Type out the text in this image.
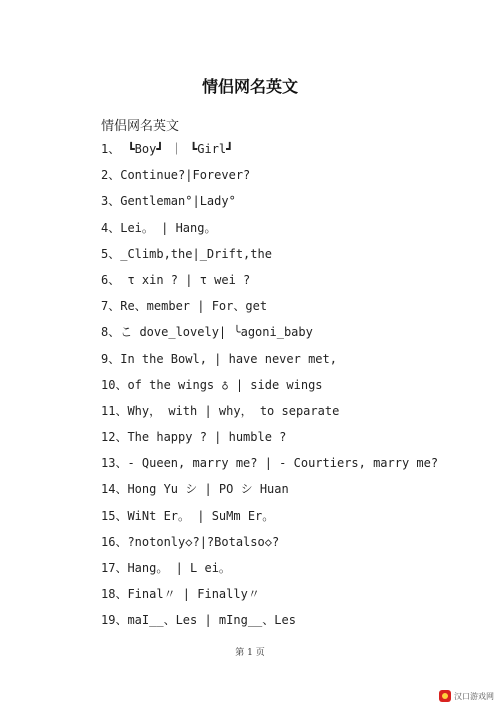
情侣网名英文
情侣网名英文
1、 ┗Boy┛ ｜ ┗Girl┛
2、Continue?|Forever?
3、Gentleman°|Lady°
4、Lei。 | Hang。
5、_Climb,the|_Drift,the
6、 τ xin ? | τ wei ?
7、Re、member | For、get
8、こ dove_lovely| ╰agoni_baby
9、In the Bowl, | have never met,
10、of the wings ♁ | side wings
11、Why， with | why， to separate
12、The happy ? | humble ?
13、- Queen, marry me? | - Courtiers, marry me?
14、Hong Yu シ | PO シ Huan
15、WiNt Er。 | SuMm Er。
16、?notonly◇?|?Botalso◇?
17、Hang。 | L ei。
18、Final〃 | Finally〃
19、maI__、Les | mIng__、Les
第 1 页
汉口游戏网
